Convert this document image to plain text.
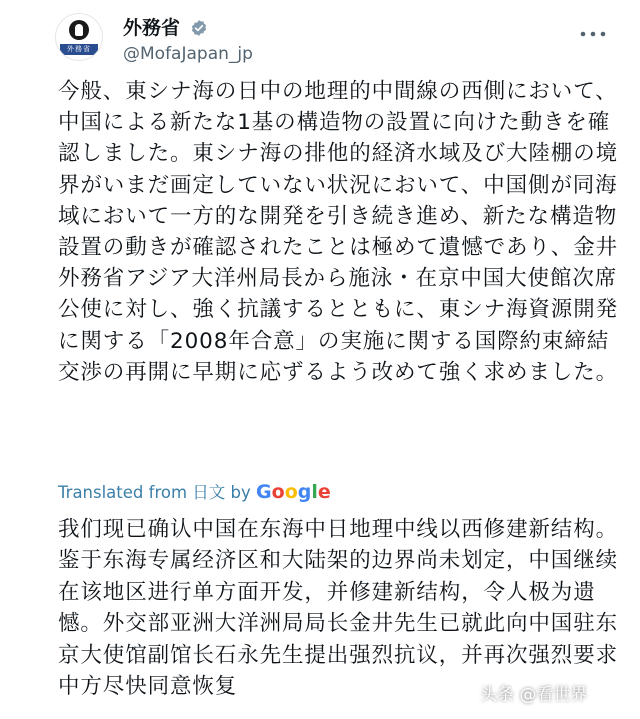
外務省
外務省
@MofaJapan_jp
今般、東シナ海の日中の地理的中間線の西側において、中国による新たな1基の構造物の設置に向けた動きを確認しました。東シナ海の排他的経済水域及び大陸棚の境界がいまだ画定していない状況において、中国側が同海域において一方的な開発を引き続き進め、新たな構造物設置の動きが確認されたことは極めて遺憾であり、金井外務省アジア大洋州局長から施泳・在京中国大使館次席公使に対し、強く抗議するとともに、東シナ海資源開発に関する「2008年合意」の実施に関する国際約束締結交渉の再開に早期に応ずるよう改めて強く求めました。
Translated from 日文 by Google
我们现已确认中国在东海中日地理中线以西修建新结构。鉴于东海专属经济区和大陆架的边界尚未划定，中国继续在该地区进行单方面开发，并修建新结构，令人极为遗憾。外交部亚洲大洋洲局局长金井先生已就此向中国驻东京大使馆副馆长石永先生提出强烈抗议，并再次强烈要求中方尽快同意恢复	头条 @看世界
